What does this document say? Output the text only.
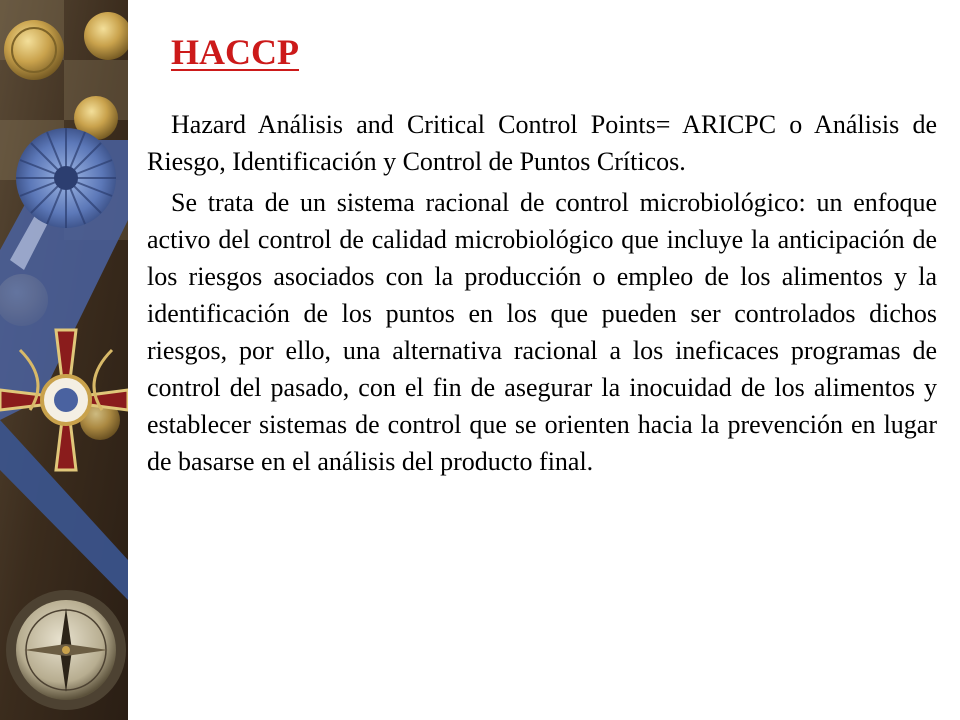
HACCP

Hazard Análisis and Critical Control Points= ARICPC o Análisis de Riesgo, Identificación y Control de Puntos Críticos.

Se trata de un sistema racional de control microbiológico: un enfoque activo del control de calidad microbiológico que incluye la anticipación de los riesgos asociados con la producción o empleo de los alimentos y la identificación de los puntos en los que pueden ser controlados dichos riesgos, por ello, una alternativa racional a los ineficaces programas de control del pasado, con el fin de asegurar la inocuidad de los alimentos y establecer sistemas de control que se orienten hacia la prevención en lugar de basarse en el análisis del producto final.
